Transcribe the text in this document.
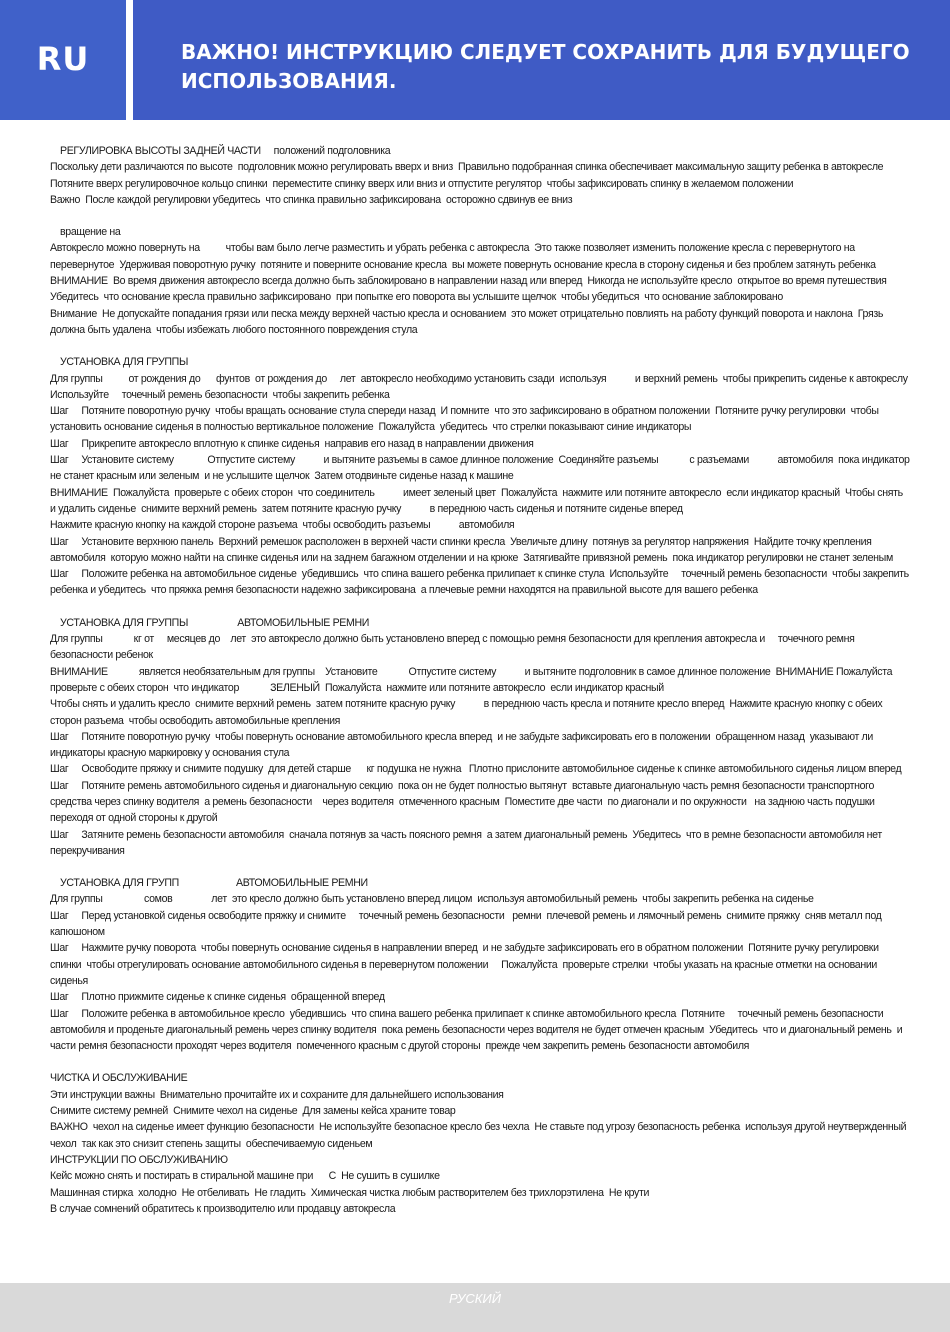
RU	ВАЖНО! ИНСТРУКЦИЮ СЛЕДУЕТ СОХРАНИТЬ ДЛЯ БУДУЩЕГО
ИСПОЛЬЗОВАНИЯ.
РЕГУЛИРОВКА ВЫСОТЫ ЗАДНЕЙ ЧАСТИ     положений подголовника
Поскольку дети различаются по высоте  подголовник можно регулировать вверх и вниз  Правильно подобранная спинка обеспечивает максимальную защиту ребенка в автокресле  Потяните вверх регулировочное кольцо спинки  переместите спинку вверх или вниз и отпустите регулятор  чтобы зафиксировать спинку в желаемом положении
Важно  После каждой регулировки убедитесь  что спинка правильно зафиксирована  осторожно сдвинув ее вниз
вращение на
Автокресло можно повернуть на          чтобы вам было легче разместить и убрать ребенка с автокресла  Это также позволяет изменить положение кресла с перевернутого на перевернутое  Удерживая поворотную ручку  потяните и поверните основание кресла  вы можете повернуть основание кресла в сторону сиденья и без проблем затянуть ребенка
ВНИМАНИЕ  Во время движения автокресло всегда должно быть заблокировано в направлении назад или вперед  Никогда не используйте кресло  открытое во время путешествия
Убедитесь  что основание кресла правильно зафиксировано  при попытке его поворота вы услышите щелчок  чтобы убедиться  что основание заблокировано
Внимание  Не допускайте попадания грязи или песка между верхней частью кресла и основанием  это может отрицательно повлиять на работу функций поворота и наклона  Грязь должна быть удалена  чтобы избежать любого постоянного повреждения стула
УСТАНОВКА ДЛЯ ГРУППЫ
Для группы          от рождения до      фунтов  от рождения до     лет  автокресло необходимо установить сзади  используя           и верхний ремень  чтобы прикрепить сиденье к автокреслу  Используйте     точечный ремень безопасности  чтобы закрепить ребенка
Шаг     Потяните поворотную ручку  чтобы вращать основание стула спереди назад  И помните  что это зафиксировано в обратном положении  Потяните ручку регулировки  чтобы установить основание сиденья в полностью вертикальное положение  Пожалуйста  убедитесь  что стрелки показывают синие индикаторы
Шаг     Прикрепите автокресло вплотную к спинке сиденья  направив его назад в направлении движения
Шаг     Установите систему             Отпустите систему           и вытяните разъемы в самое длинное положение  Соединяйте разъемы            с разъемами           автомобиля  пока индикатор не станет красным или зеленым  и не услышите щелчок  Затем отодвиньте сиденье назад к машине
ВНИМАНИЕ  Пожалуйста  проверьте с обеих сторон  что соединитель           имеет зеленый цвет  Пожалуйста  нажмите или потяните автокресло  если индикатор красный  Чтобы снять и удалить сиденье  снимите верхний ремень  затем потяните красную ручку           в переднюю часть сиденья и потяните сиденье вперед
Нажмите красную кнопку на каждой стороне разъема  чтобы освободить разъемы           автомобиля
Шаг     Установите верхнюю панель  Верхний ремешок расположен в верхней части спинки кресла  Увеличьте длину  потянув за регулятор напряжения  Найдите точку крепления автомобиля  которую можно найти на спинке сиденья или на заднем багажном отделении и на крюке  Затягивайте привязной ремень  пока индикатор регулировки не станет зеленым
Шаг     Положите ребенка на автомобильное сиденье  убедившись  что спина вашего ребенка прилипает к спинке стула  Используйте     точечный ремень безопасности  чтобы закрепить ребенка и убедитесь  что пряжка ремня безопасности надежно зафиксирована  а плечевые ремни находятся на правильной высоте для вашего ребенка
УСТАНОВКА ДЛЯ ГРУППЫ                   АВТОМОБИЛЬНЫЕ РЕМНИ
Для группы            кг от     месяцев до    лет  это автокресло должно быть установлено вперед с помощью ремня безопасности для крепления автокресла и     точечного ремня безопасности ребенок
ВНИМАНИЕ            является необязательным для группы    Установите            Отпустите систему           и вытяните подголовник в самое длинное положение  ВНИМАНИЕ Пожалуйста  проверьте с обеих сторон  что индикатор            ЗЕЛЕНЫЙ  Пожалуйста  нажмите или потяните автокресло  если индикатор красный
Чтобы снять и удалить кресло  снимите верхний ремень  затем потяните красную ручку           в переднюю часть кресла и потяните кресло вперед  Нажмите красную кнопку с обеих сторон разъема  чтобы освободить автомобильные крепления
Шаг     Потяните поворотную ручку  чтобы повернуть основание автомобильного кресла вперед  и не забудьте зафиксировать его в положении  обращенном назад  указывают ли индикаторы красную маркировку у основания стула
Шаг     Освободите пряжку и снимите подушку  для детей старше      кг подушка не нужна   Плотно прислоните автомобильное сиденье к спинке автомобильного сиденья лицом вперед
Шаг     Потяните ремень автомобильного сиденья и диагональную секцию  пока он не будет полностью вытянут  вставьте диагональную часть ремня безопасности транспортного средства через спинку водителя  а ремень безопасности    через водителя  отмеченного красным  Поместите две части  по диагонали и по окружности   на заднюю часть подушки переходя от одной стороны к другой
Шаг     Затяните ремень безопасности автомобиля  сначала потянув за часть поясного ремня  а затем диагональный ремень  Убедитесь  что в ремне безопасности автомобиля нет перекручивания
УСТАНОВКА ДЛЯ ГРУПП                      АВТОМОБИЛЬНЫЕ РЕМНИ
Для группы                сомов               лет  это кресло должно быть установлено вперед лицом  используя автомобильный ремень  чтобы закрепить ребенка на сиденье
Шаг     Перед установкой сиденья освободите пряжку и снимите     точечный ремень безопасности   ремни  плечевой ремень и лямочный ремень  снимите пряжку  сняв металл под капюшоном
Шаг     Нажмите ручку поворота  чтобы повернуть основание сиденья в направлении вперед  и не забудьте зафиксировать его в обратном положении  Потяните ручку регулировки спинки  чтобы отрегулировать основание автомобильного сиденья в перевернутом положении     Пожалуйста  проверьте стрелки  чтобы указать на красные отметки на основании сиденья
Шаг     Плотно прижмите сиденье к спинке сиденья  обращенной вперед
Шаг     Положите ребенка в автомобильное кресло  убедившись  что спина вашего ребенка прилипает к спинке автомобильного кресла  Потяните     точечный ремень безопасности автомобиля и проденьте диагональный ремень через спинку водителя  пока ремень безопасности через водителя не будет отмечен красным  Убедитесь  что и диагональный ремень  и части ремня безопасности проходят через водителя  помеченного красным с другой стороны  прежде чем закрепить ремень безопасности автомобиля
ЧИСТКА И ОБСЛУЖИВАНИЕ
Эти инструкции важны  Внимательно прочитайте их и сохраните для дальнейшего использования
Снимите систему ремней  Снимите чехол на сиденье  Для замены кейса храните товар
ВАЖНО  чехол на сиденье имеет функцию безопасности  Не используйте безопасное кресло без чехла  Не ставьте под угрозу безопасность ребенка  используя другой неутвержденный чехол  так как это снизит степень защиты  обеспечиваемую сиденьем
ИНСТРУКЦИИ ПО ОБСЛУЖИВАНИЮ
Кейс можно снять и постирать в стиральной машине при      С  Не сушить в сушилке
Машинная стирка  холодно  Не отбеливать  Не гладить  Химическая чистка любым растворителем без трихлорэтилена  Не крути
В случае сомнений обратитесь к производителю или продавцу автокресла
РУСКИЙ
